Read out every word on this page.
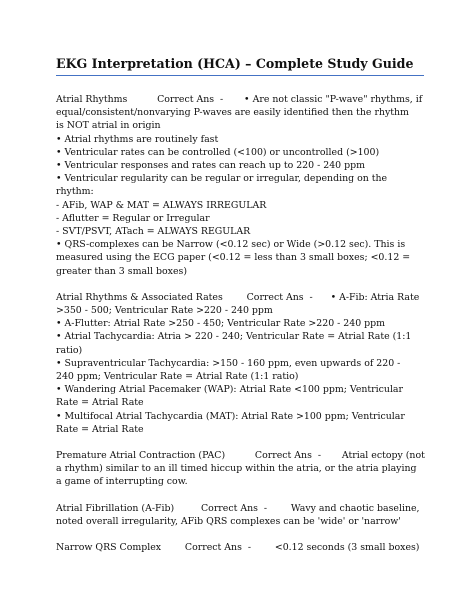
EKG Interpretation (HCA) – Complete Study Guide
Atrial Rhythms          Correct Ans  -       • Are not classic "P-wave" rhythms, if
equal/consistent/nonvarying P-waves are easily identified then the rhythm
is NOT atrial in origin
• Atrial rhythms are routinely fast
• Ventricular rates can be controlled (<100) or uncontrolled (>100)
• Ventricular responses and rates can reach up to 220 - 240 ppm
• Ventricular regularity can be regular or irregular, depending on the
rhythm:
- AFib, WAP & MAT = ALWAYS IRREGULAR
- Aflutter = Regular or Irregular
- SVT/PSVT, ATach = ALWAYS REGULAR
• QRS-complexes can be Narrow (<0.12 sec) or Wide (>0.12 sec). This is
measured using the ECG paper (<0.12 = less than 3 small boxes; <0.12 =
greater than 3 small boxes)
Atrial Rhythms & Associated Rates        Correct Ans  -      • A-Fib: Atria Rate
>350 - 500; Ventricular Rate >220 - 240 ppm
• A-Flutter: Atrial Rate >250 - 450; Ventricular Rate >220 - 240 ppm
• Atrial Tachycardia: Atria > 220 - 240; Ventricular Rate = Atrial Rate (1:1
ratio)
• Supraventricular Tachycardia: >150 - 160 ppm, even upwards of 220 -
240 ppm; Ventricular Rate = Atrial Rate (1:1 ratio)
• Wandering Atrial Pacemaker (WAP): Atrial Rate <100 ppm; Ventricular
Rate = Atrial Rate
• Multifocal Atrial Tachycardia (MAT): Atrial Rate >100 ppm; Ventricular
Rate = Atrial Rate
Premature Atrial Contraction (PAC)          Correct Ans  -       Atrial ectopy (not
a rhythm) similar to an ill timed hiccup within the atria, or the atria playing
a game of interrupting cow.
Atrial Fibrillation (A-Fib)         Correct Ans  -        Wavy and chaotic baseline,
noted overall irregularity, AFib QRS complexes can be 'wide' or 'narrow'
Narrow QRS Complex        Correct Ans  -        <0.12 seconds (3 small boxes)
